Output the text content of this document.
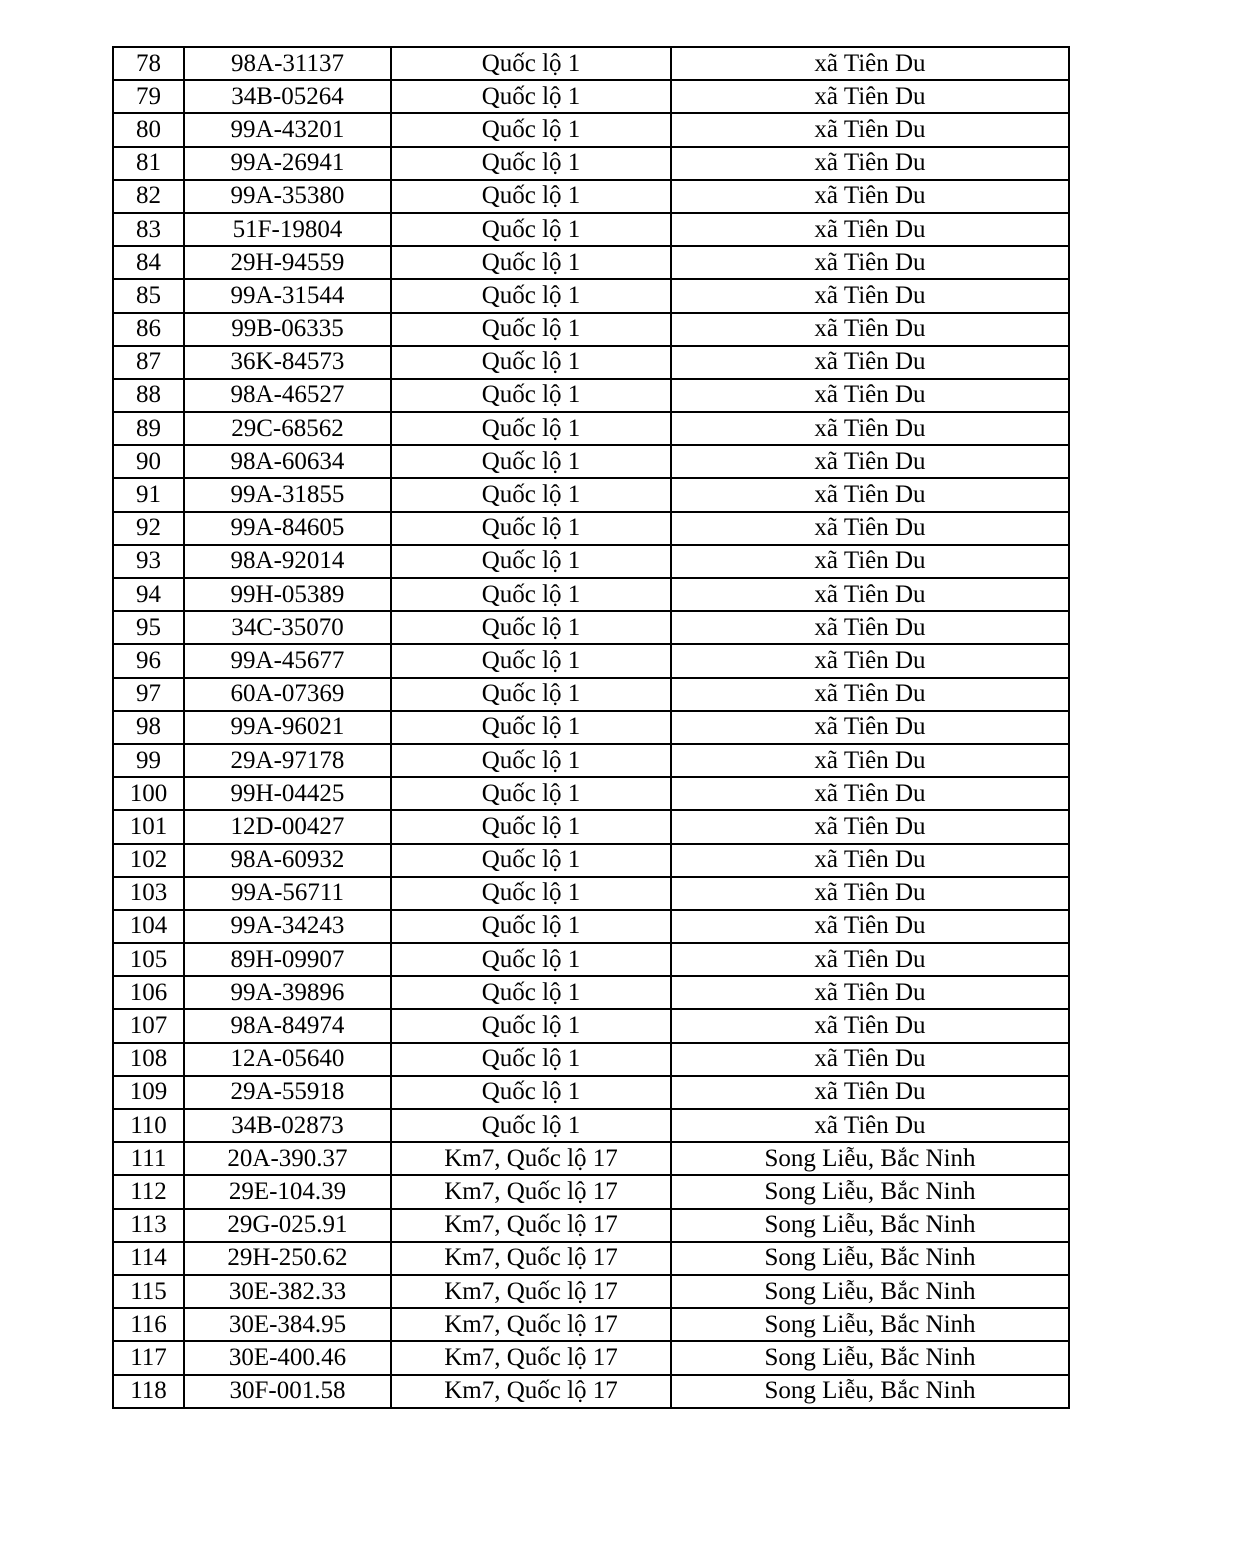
78	98A-31137	Quốc lộ 1	xã Tiên Du
79	34B-05264	Quốc lộ 1	xã Tiên Du
80	99A-43201	Quốc lộ 1	xã Tiên Du
81	99A-26941	Quốc lộ 1	xã Tiên Du
82	99A-35380	Quốc lộ 1	xã Tiên Du
83	51F-19804	Quốc lộ 1	xã Tiên Du
84	29H-94559	Quốc lộ 1	xã Tiên Du
85	99A-31544	Quốc lộ 1	xã Tiên Du
86	99B-06335	Quốc lộ 1	xã Tiên Du
87	36K-84573	Quốc lộ 1	xã Tiên Du
88	98A-46527	Quốc lộ 1	xã Tiên Du
89	29C-68562	Quốc lộ 1	xã Tiên Du
90	98A-60634	Quốc lộ 1	xã Tiên Du
91	99A-31855	Quốc lộ 1	xã Tiên Du
92	99A-84605	Quốc lộ 1	xã Tiên Du
93	98A-92014	Quốc lộ 1	xã Tiên Du
94	99H-05389	Quốc lộ 1	xã Tiên Du
95	34C-35070	Quốc lộ 1	xã Tiên Du
96	99A-45677	Quốc lộ 1	xã Tiên Du
97	60A-07369	Quốc lộ 1	xã Tiên Du
98	99A-96021	Quốc lộ 1	xã Tiên Du
99	29A-97178	Quốc lộ 1	xã Tiên Du
100	99H-04425	Quốc lộ 1	xã Tiên Du
101	12D-00427	Quốc lộ 1	xã Tiên Du
102	98A-60932	Quốc lộ 1	xã Tiên Du
103	99A-56711	Quốc lộ 1	xã Tiên Du
104	99A-34243	Quốc lộ 1	xã Tiên Du
105	89H-09907	Quốc lộ 1	xã Tiên Du
106	99A-39896	Quốc lộ 1	xã Tiên Du
107	98A-84974	Quốc lộ 1	xã Tiên Du
108	12A-05640	Quốc lộ 1	xã Tiên Du
109	29A-55918	Quốc lộ 1	xã Tiên Du
110	34B-02873	Quốc lộ 1	xã Tiên Du
111	20A-390.37	Km7, Quốc lộ 17	Song Liễu, Bắc Ninh
112	29E-104.39	Km7, Quốc lộ 17	Song Liễu, Bắc Ninh
113	29G-025.91	Km7, Quốc lộ 17	Song Liễu, Bắc Ninh
114	29H-250.62	Km7, Quốc lộ 17	Song Liễu, Bắc Ninh
115	30E-382.33	Km7, Quốc lộ 17	Song Liễu, Bắc Ninh
116	30E-384.95	Km7, Quốc lộ 17	Song Liễu, Bắc Ninh
117	30E-400.46	Km7, Quốc lộ 17	Song Liễu, Bắc Ninh
118	30F-001.58	Km7, Quốc lộ 17	Song Liễu, Bắc Ninh
